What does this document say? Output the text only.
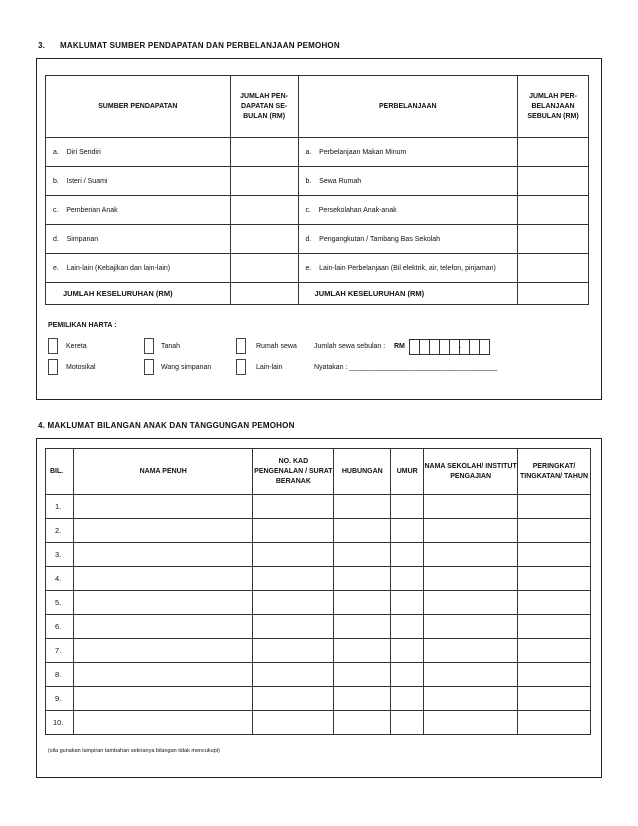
3. MAKLUMAT SUMBER PENDAPATAN DAN PERBELANJAAN PEMOHON
SUMBER PENDAPATAN	JUMLAH PEN-DAPATAN SE-BULAN (RM)	PERBELANJAAN	JUMLAH PER-BELANJAAN SEBULAN (RM)
a. Diri Sendiri		a. Perbelanjaan Makan Minum	
b. Isteri / Suami		b. Sewa Rumah	
c. Pemberian Anak		c. Persekolahan Anak-anak	
d. Simpanan		d. Pengangkutan / Tambang Bas Sekolah	
e. Lain-lain (Kebajikan dan lain-lain)		e. Lain-lain Perbelanjaan (Bil elektrik, air, telefon, pinjaman)	
JUMLAH KESELURUHAN (RM)		JUMLAH KESELURUHAN (RM)	
PEMILIKAN HARTA :
Kereta	Tanah	Rumah sewa Jumlah sewa sebulan : RM	.
Motosikal	Wang simpanan	Lain-lain	Nyatakan : ______________________________________
4. MAKLUMAT BILANGAN ANAK DAN TANGGUNGAN PEMOHON
BIL.	NAMA PENUH	NO. KAD PENGENALAN / SURAT BERANAK	HUBUNGAN	UMUR	NAMA SEKOLAH/ INSTITUT PENGAJIAN	PERINGKAT/ TINGKATAN/ TAHUN
1.						
2.						
3.						
4.						
5.						
6.						
7.						
8.						
9.						
10.						
(sila gunakan lampiran tambahan sekiranya bilangan tidak mencukupi)
